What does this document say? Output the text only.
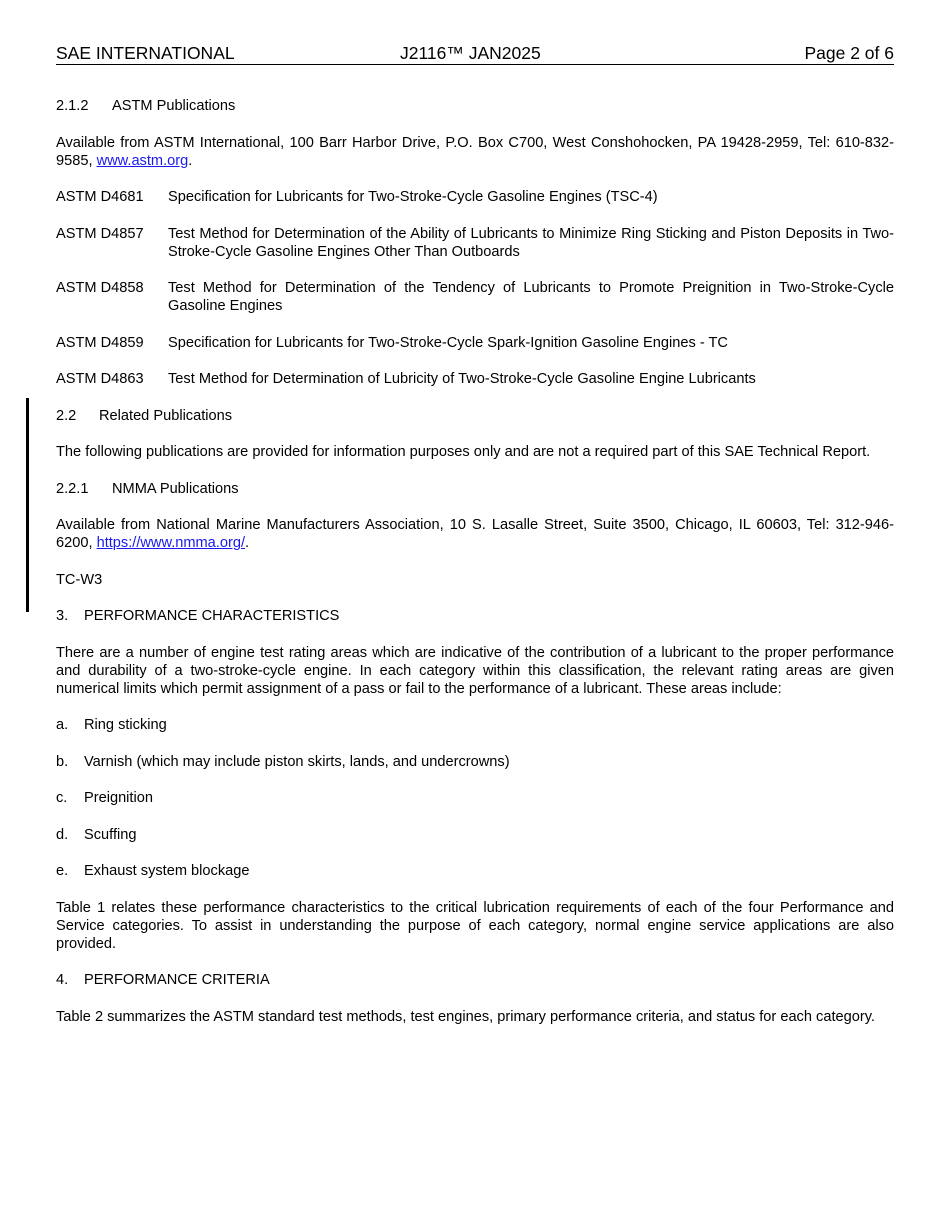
SAE INTERNATIONAL	J2116™ JAN2025	Page 2 of 6
2.1.2 ASTM Publications
Available from ASTM International, 100 Barr Harbor Drive, P.O. Box C700, West Conshohocken, PA 19428-2959, Tel: 610-832-9585, www.astm.org.
ASTM D4681	Specification for Lubricants for Two-Stroke-Cycle Gasoline Engines (TSC-4)
ASTM D4857	Test Method for Determination of the Ability of Lubricants to Minimize Ring Sticking and Piston Deposits in Two-Stroke-Cycle Gasoline Engines Other Than Outboards
ASTM D4858	Test Method for Determination of the Tendency of Lubricants to Promote Preignition in Two-Stroke-Cycle Gasoline Engines
ASTM D4859	Specification for Lubricants for Two-Stroke-Cycle Spark-Ignition Gasoline Engines - TC
ASTM D4863	Test Method for Determination of Lubricity of Two-Stroke-Cycle Gasoline Engine Lubricants
2.2 Related Publications
The following publications are provided for information purposes only and are not a required part of this SAE Technical Report.
2.2.1 NMMA Publications
Available from National Marine Manufacturers Association, 10 S. Lasalle Street, Suite 3500, Chicago, IL 60603, Tel: 312-946-6200, https://www.nmma.org/.
TC-W3
3. PERFORMANCE CHARACTERISTICS
There are a number of engine test rating areas which are indicative of the contribution of a lubricant to the proper performance and durability of a two-stroke-cycle engine. In each category within this classification, the relevant rating areas are given numerical limits which permit assignment of a pass or fail to the performance of a lubricant. These areas include:
a.	Ring sticking
b.	Varnish (which may include piston skirts, lands, and undercrowns)
c.	Preignition
d.	Scuffing
e.	Exhaust system blockage
Table 1 relates these performance characteristics to the critical lubrication requirements of each of the four Performance and Service categories. To assist in understanding the purpose of each category, normal engine service applications are also provided.
4. PERFORMANCE CRITERIA
Table 2 summarizes the ASTM standard test methods, test engines, primary performance criteria, and status for each category.
